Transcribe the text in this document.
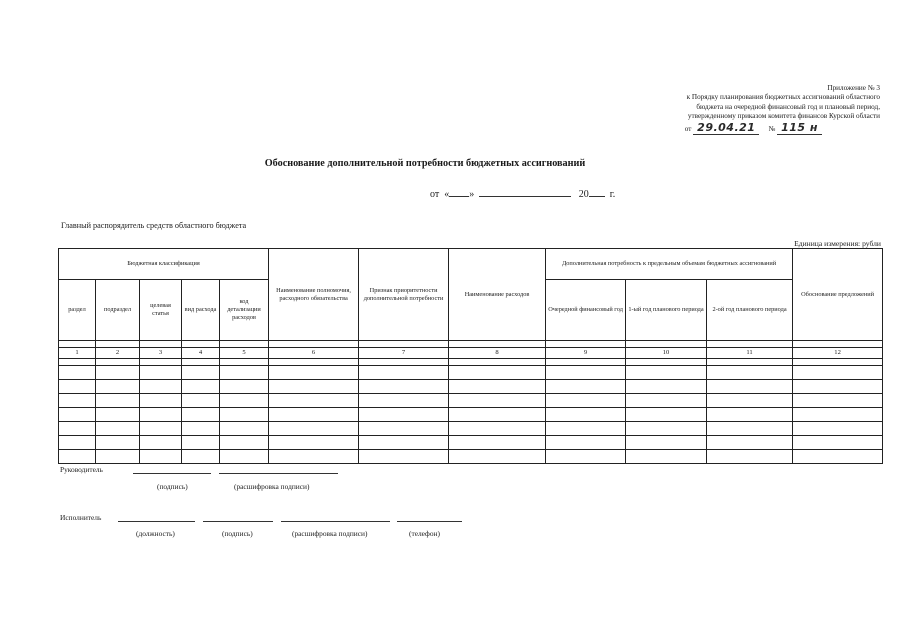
Приложение № 3
к Порядку планирования бюджетных ассигнований областного
бюджета на очередной финансовый год и плановый период,
утвержденному приказом комитета финансов Курской области
от 29.04.21 № 115 н
Обоснование дополнительной потребности бюджетных ассигнований
от « »	20 г.
Главный распорядитель средств областного бюджета
Единица измерения: рубли
Бюджетная классификация					Наименование полномочия, расходного обязательства	Признак приоритетности дополнительной потребности	Наименование расходов	Дополнительная потребность к предельным объемам бюджетных ассигнований			Обоснование предложений
раздел	подраздел	целевая статья	вид расхода	код детализации расходов				Очередной финансовый год	1-ый год планового периода	2-ой год планового периода	

1	2	3	4	5	6	7	8	9	10	11	12

Руководитель
(подпись)	(расшифровка подписи)
Исполнитель
(должность)	(подпись)	(расшифровка подписи)	(телефон)
